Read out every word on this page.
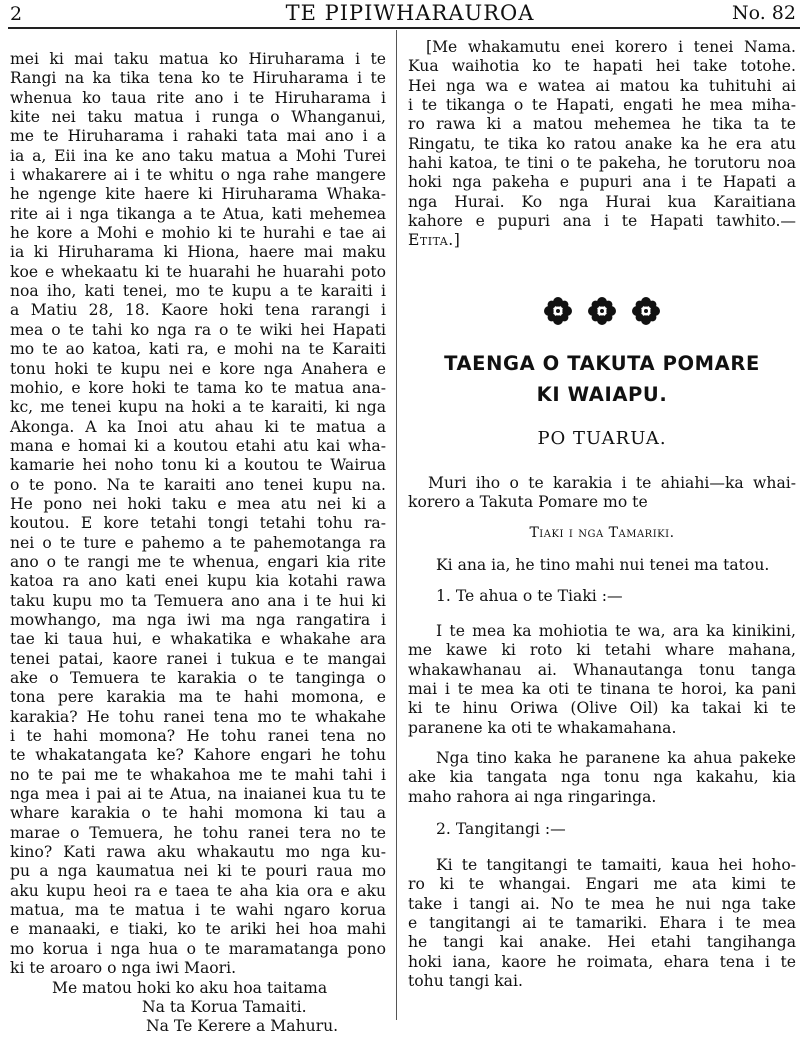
2	TE PIPIWHARAUROA	No. 82
mei ki mai taku matua ko Hiruharama i te
Rangi na ka tika tena ko te Hiruharama i te
whenua ko taua rite ano i te Hiruharama i
kite nei taku matua i runga o Whanganui,
me te Hiruharama i rahaki tata mai ano i a
ia a, Eii ina ke ano taku matua a Mohi Turei
i whakarere ai i te whitu o nga rahe mangere
he ngenge kite haere ki Hiruharama Whaka-
rite ai i nga tikanga a te Atua, kati mehemea
he kore a Mohi e mohio ki te hurahi e tae ai
ia ki Hiruharama ki Hiona, haere mai maku
koe e whekaatu ki te huarahi he huarahi poto
noa iho, kati tenei, mo te kupu a te karaiti i
a Matiu 28, 18. Kaore hoki tena rarangi i
mea o te tahi ko nga ra o te wiki hei Hapati
mo te ao katoa, kati ra, e mohi na te Karaiti
tonu hoki te kupu nei e kore nga Anahera e
mohio, e kore hoki te tama ko te matua ana-
kc, me tenei kupu na hoki a te karaiti, ki nga
Akonga. A ka Inoi atu ahau ki te matua a
mana e homai ki a koutou etahi atu kai wha-
kamarie hei noho tonu ki a koutou te Wairua
o te pono. Na te karaiti ano tenei kupu na.
He pono nei hoki taku e mea atu nei ki a
koutou. E kore tetahi tongi tetahi tohu ra-
nei o te ture e pahemo a te pahemotanga ra
ano o te rangi me te whenua, engari kia rite
katoa ra ano kati enei kupu kia kotahi rawa
taku kupu mo ta Temuera ano ana i te hui ki
mowhango, ma nga iwi ma nga rangatira i
tae ki taua hui, e whakatika e whakahe ara
tenei patai, kaore ranei i tukua e te mangai
ake o Temuera te karakia o te tanginga o
tona pere karakia ma te hahi momona, e
karakia? He tohu ranei tena mo te whakahe
i te hahi momona? He tohu ranei tena no
te whakatangata ke? Kahore engari he tohu
no te pai me te whakahoa me te mahi tahi i
nga mea i pai ai te Atua, na inaianei kua tu te
whare karakia o te hahi momona ki tau a
marae o Temuera, he tohu ranei tera no te
kino? Kati rawa aku whakautu mo nga ku-
pu a nga kaumatua nei ki te pouri raua mo
aku kupu heoi ra e taea te aha kia ora e aku
matua, ma te matua i te wahi ngaro korua
e manaaki, e tiaki, ko te ariki hei hoa mahi
mo korua i nga hua o te maramatanga pono
ki te aroaro o nga iwi Maori.
Me matou hoki ko aku hoa taitama
Na ta Korua Tamaiti.
Na Te Kerere a Mahuru.
[Me whakamutu enei korero i tenei Nama.
Kua waihotia ko te hapati hei take totohe.
Hei nga wa e watea ai matou ka tuhituhi ai
i te tikanga o te Hapati, engati he mea miha-
ro rawa ki a matou mehemea he tika ta te
Ringatu, te tika ko ratou anake ka he era atu
hahi katoa, te tini o te pakeha, he torutoru noa
hoki nga pakeha e pupuri ana i te Hapati a
nga Hurai. Ko nga Hurai kua Karaitiana
kahore e pupuri ana i te Hapati tawhito.—
Etita.]
TAENGA O TAKUTA POMARE
KI WAIAPU.
PO TUARUA.
Muri iho o te karakia i te ahiahi—ka whai-
korero a Takuta Pomare mo te
Tiaki i nga Tamariki.
Ki ana ia, he tino mahi nui tenei ma tatou.
1. Te ahua o te Tiaki :—
I te mea ka mohiotia te wa, ara ka kinikini,
me kawe ki roto ki tetahi whare mahana,
whakawhanau ai. Whanautanga tonu tanga
mai i te mea ka oti te tinana te horoi, ka pani
ki te hinu Oriwa (Olive Oil) ka takai ki te
paranene ka oti te whakamahana.
Nga tino kaka he paranene ka ahua pakeke
ake kia tangata nga tonu nga kakahu, kia
maho rahora ai nga ringaringa.
2. Tangitangi :—
Ki te tangitangi te tamaiti, kaua hei hoho-
ro ki te whangai. Engari me ata kimi te
take i tangi ai. No te mea he nui nga take
e tangitangi ai te tamariki. Ehara i te mea
he tangi kai anake. Hei etahi tangihanga
hoki iana, kaore he roimata, ehara tena i te
tohu tangi kai.
